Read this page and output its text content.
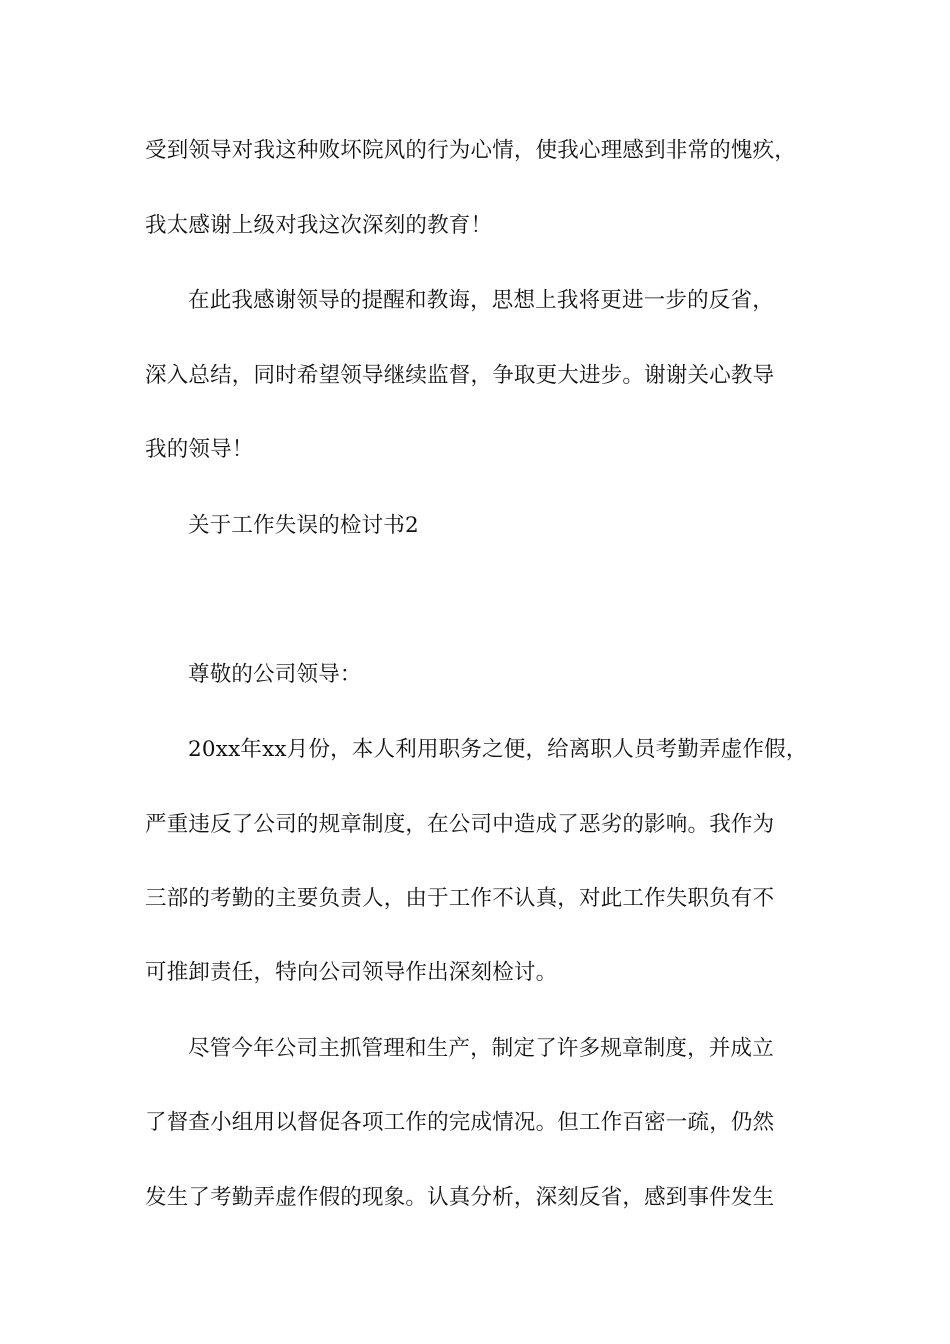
受到领导对我这种败坏院风的行为心情，使我心理感到非常的愧疚，
我太感谢上级对我这次深刻的教育！
在此我感谢领导的提醒和教诲，思想上我将更进一步的反省，
深入总结，同时希望领导继续监督，争取更大进步。谢谢关心教导
我的领导！
关于工作失误的检讨书2
尊敬的公司领导：
20xx年xx月份，本人利用职务之便，给离职人员考勤弄虚作假，
严重违反了公司的规章制度，在公司中造成了恶劣的影响。我作为
三部的考勤的主要负责人，由于工作不认真，对此工作失职负有不
可推卸责任，特向公司领导作出深刻检讨。
尽管今年公司主抓管理和生产，制定了许多规章制度，并成立
了督查小组用以督促各项工作的完成情况。但工作百密一疏，仍然
发生了考勤弄虚作假的现象。认真分析，深刻反省，感到事件发生
